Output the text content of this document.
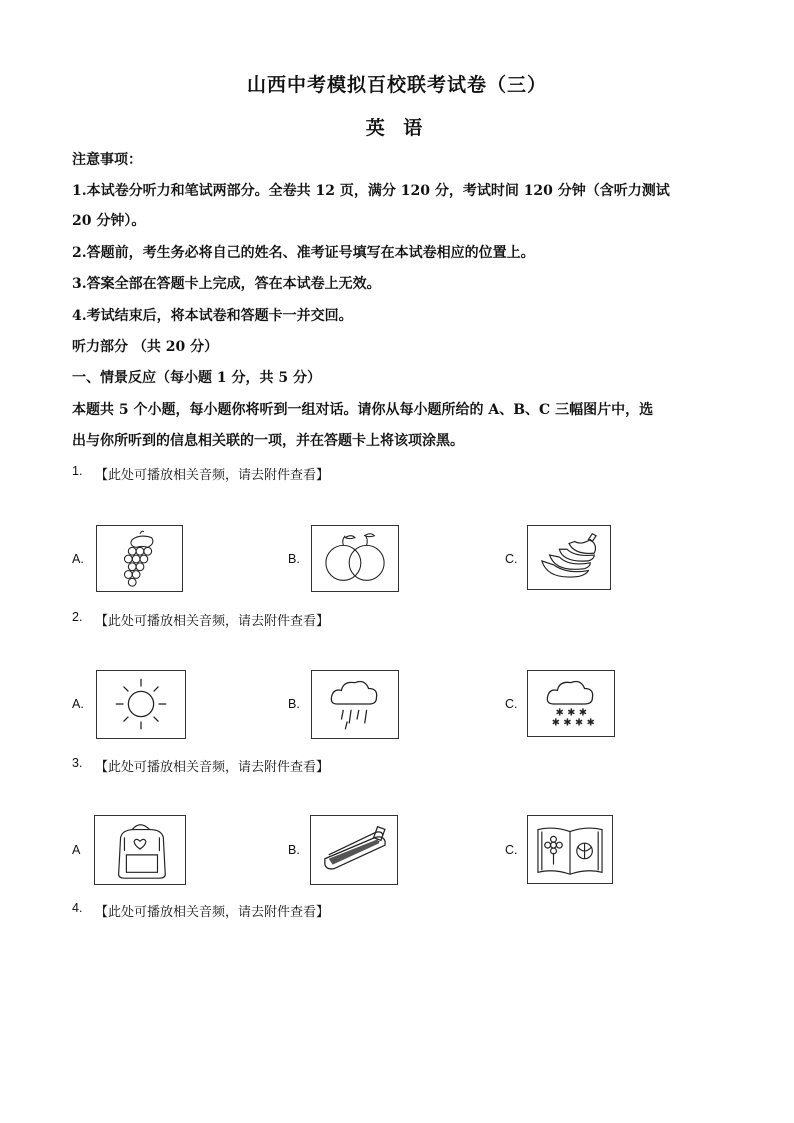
山西中考模拟百校联考试卷（三）
英 语
注意事项：
1.本试卷分听力和笔试两部分。全卷共 12 页，满分 120 分，考试时间 120 分钟（含听力测试
20 分钟）。
2.答题前，考生务必将自己的姓名、准考证号填写在本试卷相应的位置上。
3.答案全部在答题卡上完成，答在本试卷上无效。
4.考试结束后，将本试卷和答题卡一并交回。
听力部分 （共 20 分）
一、情景反应（每小题 1 分，共 5 分）
本题共 5 个小题，每小题你将听到一组对话。请你从每小题所给的 A、B、C 三幅图片中，选
出与你所听到的信息相关联的一项，并在答题卡上将该项涂黑。
1. 【此处可播放相关音频，请去附件查看】
A.	B.	C.
2. 【此处可播放相关音频，请去附件查看】
A.	B.	C.
✱ ✱ ✱
✱ ✱ ✱ ✱
3. 【此处可播放相关音频，请去附件查看】
A	B.	C.
4. 【此处可播放相关音频，请去附件查看】
